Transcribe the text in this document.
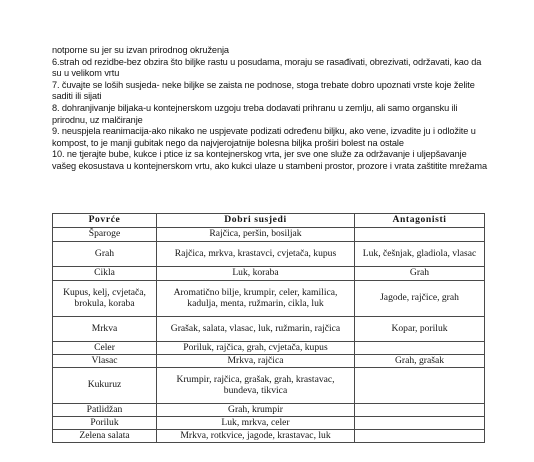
notporne su jer su izvan prirodnog okruženja

6.strah od rezidbe-bez obzira što biljke rastu u posudama, moraju se rasađivati, obrezivati, održavati, kao da su u velikom vrtu

7. čuvajte se loših susjeda- neke biljke se zaista ne podnose, stoga trebate dobro upoznati vrste koje želite saditi ili sijati

8. dohranjivanje biljaka-u kontejnerskom uzgoju treba dodavati prihranu u zemlju, ali samo organsku ili prirodnu, uz malčiranje

9. neuspjela reanimacija-ako nikako ne uspjevate podizati određenu biljku, ako vene, izvadite ju i odložite u kompost, to je manji gubitak nego da najvjerojatnije bolesna biljka proširi bolest na ostale

10. ne tjerajte bube, kukce i ptice iz sa kontejnerskog vrta, jer sve one služe za održavanje i uljepšavanje vašeg ekosustava u kontejnerskom vrtu, ako kukci ulaze u stambeni prostor, prozore i vrata zaštitite mrežama

Povrće	Dobri susjedi	Antagonisti
Šparoge	Rajčica, peršin, bosiljak	
Grah	Rajčica, mrkva, krastavci, cvjetača, kupus	Luk, češnjak, gladiola, vlasac
Cikla	Luk, koraba	Grah
Kupus, kelj, cvjetača, brokula, koraba	Aromatično bilje, krumpir, celer, kamilica, kadulja, menta, ružmarin, cikla, luk	Jagode, rajčice, grah
Mrkva	Grašak, salata, vlasac, luk, ružmarin, rajčica	Kopar, poriluk
Celer	Poriluk, rajčica, grah, cvjetača, kupus	
Vlasac	Mrkva, rajčica	Grah, grašak
Kukuruz	Krumpir, rajčica, grašak, grah, krastavac, bundeva, tikvica	
Patlidžan	Grah, krumpir	
Poriluk	Luk, mrkva, celer	
Zelena salata	Mrkva, rotkvice, jagode, krastavac, luk	
